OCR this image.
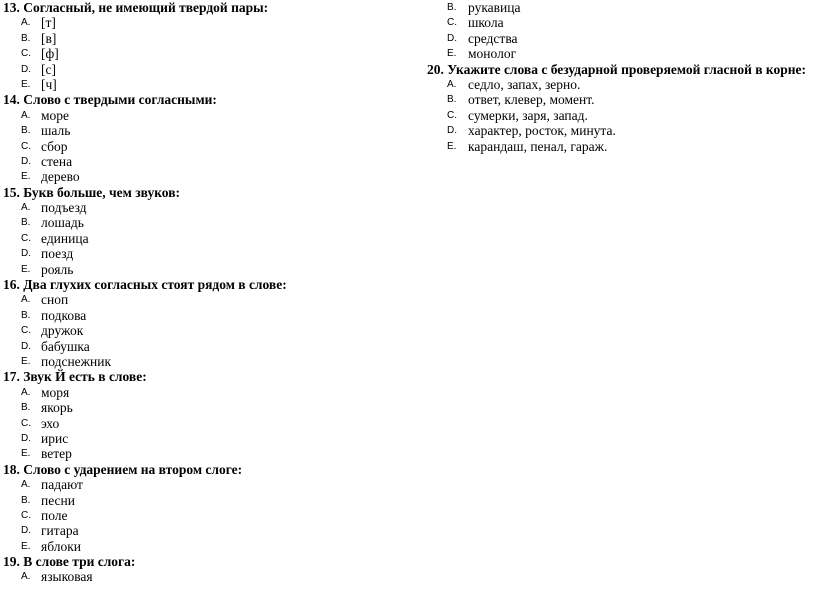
13. Согласный, не имеющий твердой пары:
A. [т]
B. [в]
C. [ф]
D. [с]
E. [ч]
14. Слово с твердыми согласными:
A. море
B. шаль
C. сбор
D. стена
E. дерево
15. Букв больше, чем звуков:
A. подъезд
B. лошадь
C. единица
D. поезд
E. рояль
16. Два глухих согласных стоят рядом в слове:
A. сноп
B. подкова
C. дружок
D. бабушка
E. подснежник
17. Звук Й есть в слове:
A. моря
B. якорь
C. эхо
D. ирис
E. ветер
18. Слово с ударением на втором слоге:
A. падают
B. песни
C. поле
D. гитара
E. яблоки
19. В слове три слога:
A. языковая
B. рукавица
C. школа
D. средства
E. монолог
20. Укажите слова с безударной проверяемой гласной в корне:
A. седло, запах, зерно.
B. ответ, клевер, момент.
C. сумерки, заря, запад.
D. характер, росток, минута.
E. карандаш, пенал, гараж.
